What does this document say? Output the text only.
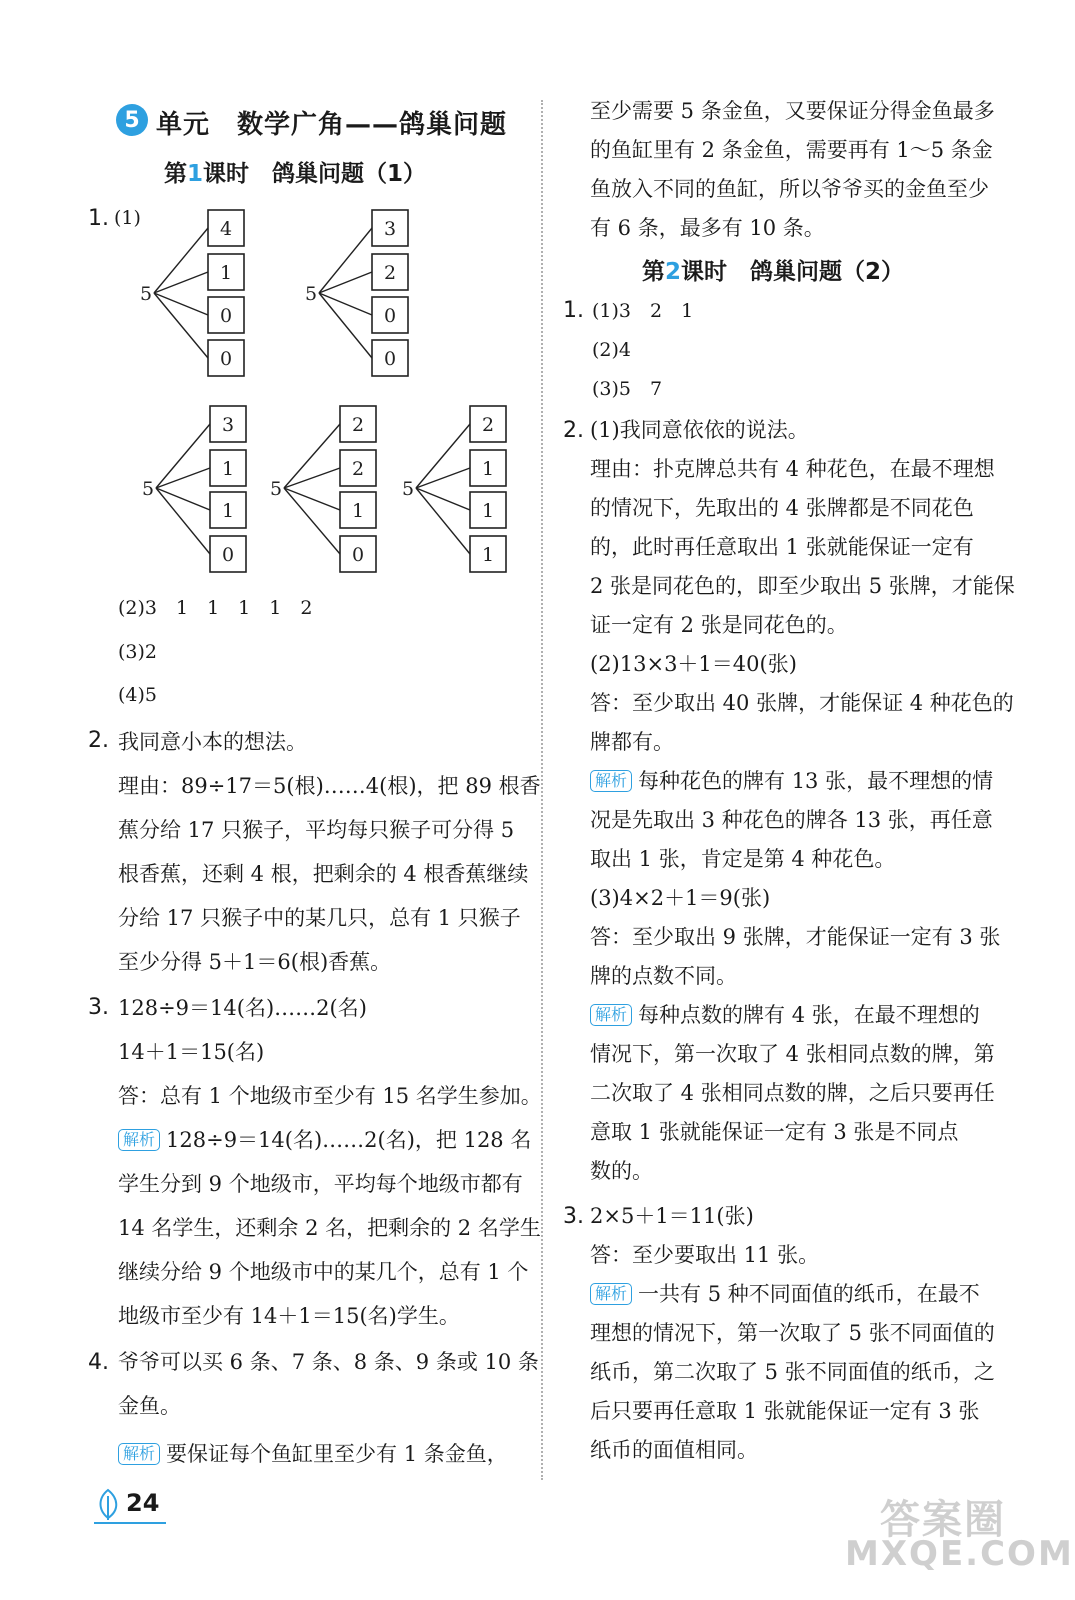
5 单元　数学广角——鸽巢问题
第1课时　鸽巢问题（1）
1. (1)
5
4
1
0
0
5
3
2
0
0
5
3
1
1
0
5
2
2
1
0
5
2
1
1
1
(2)3　1　1　1　1　2
(3)2
(4)5
2. 我同意小本的想法。
理由：89÷17＝5(根)……4(根)，把 89 根香
蕉分给 17 只猴子，平均每只猴子可分得 5
根香蕉，还剩 4 根，把剩余的 4 根香蕉继续
分给 17 只猴子中的某几只，总有 1 只猴子
至少分得 5＋1＝6(根)香蕉。
3. 128÷9＝14(名)……2(名)
14＋1＝15(名)
答：总有 1 个地级市至少有 15 名学生参加。
解析 128÷9＝14(名)……2(名)，把 128 名
学生分到 9 个地级市，平均每个地级市都有
14 名学生，还剩余 2 名，把剩余的 2 名学生
继续分给 9 个地级市中的某几个，总有 1 个
地级市至少有 14＋1＝15(名)学生。
4. 爷爷可以买 6 条、7 条、8 条、9 条或 10 条
金鱼。
解析 要保证每个鱼缸里至少有 1 条金鱼，
至少需要 5 条金鱼，又要保证分得金鱼最多
的鱼缸里有 2 条金鱼，需要再有 1～5 条金
鱼放入不同的鱼缸，所以爷爷买的金鱼至少
有 6 条，最多有 10 条。
第2课时　鸽巢问题（2）
1. (1)3　2　1
(2)4
(3)5　7
2. (1)我同意依依的说法。
理由：扑克牌总共有 4 种花色，在最不理想
的情况下，先取出的 4 张牌都是不同花色
的，此时再任意取出 1 张就能保证一定有
2 张是同花色的，即至少取出 5 张牌，才能保
证一定有 2 张是同花色的。
(2)13×3＋1＝40(张)
答：至少取出 40 张牌，才能保证 4 种花色的
牌都有。
解析 每种花色的牌有 13 张，最不理想的情
况是先取出 3 种花色的牌各 13 张，再任意
取出 1 张，肯定是第 4 种花色。
(3)4×2＋1＝9(张)
答：至少取出 9 张牌，才能保证一定有 3 张
牌的点数不同。
解析 每种点数的牌有 4 张，在最不理想的
情况下，第一次取了 4 张相同点数的牌，第
二次取了 4 张相同点数的牌，之后只要再任
意取 1 张就能保证一定有 3 张是不同点
数的。
3. 2×5＋1＝11(张)
答：至少要取出 11 张。
解析 一共有 5 种不同面值的纸币，在最不
理想的情况下，第一次取了 5 张不同面值的
纸币，第二次取了 5 张不同面值的纸币，之
后只要再任意取 1 张就能保证一定有 3 张
纸币的面值相同。
24	答案圈
MXQE.COM
